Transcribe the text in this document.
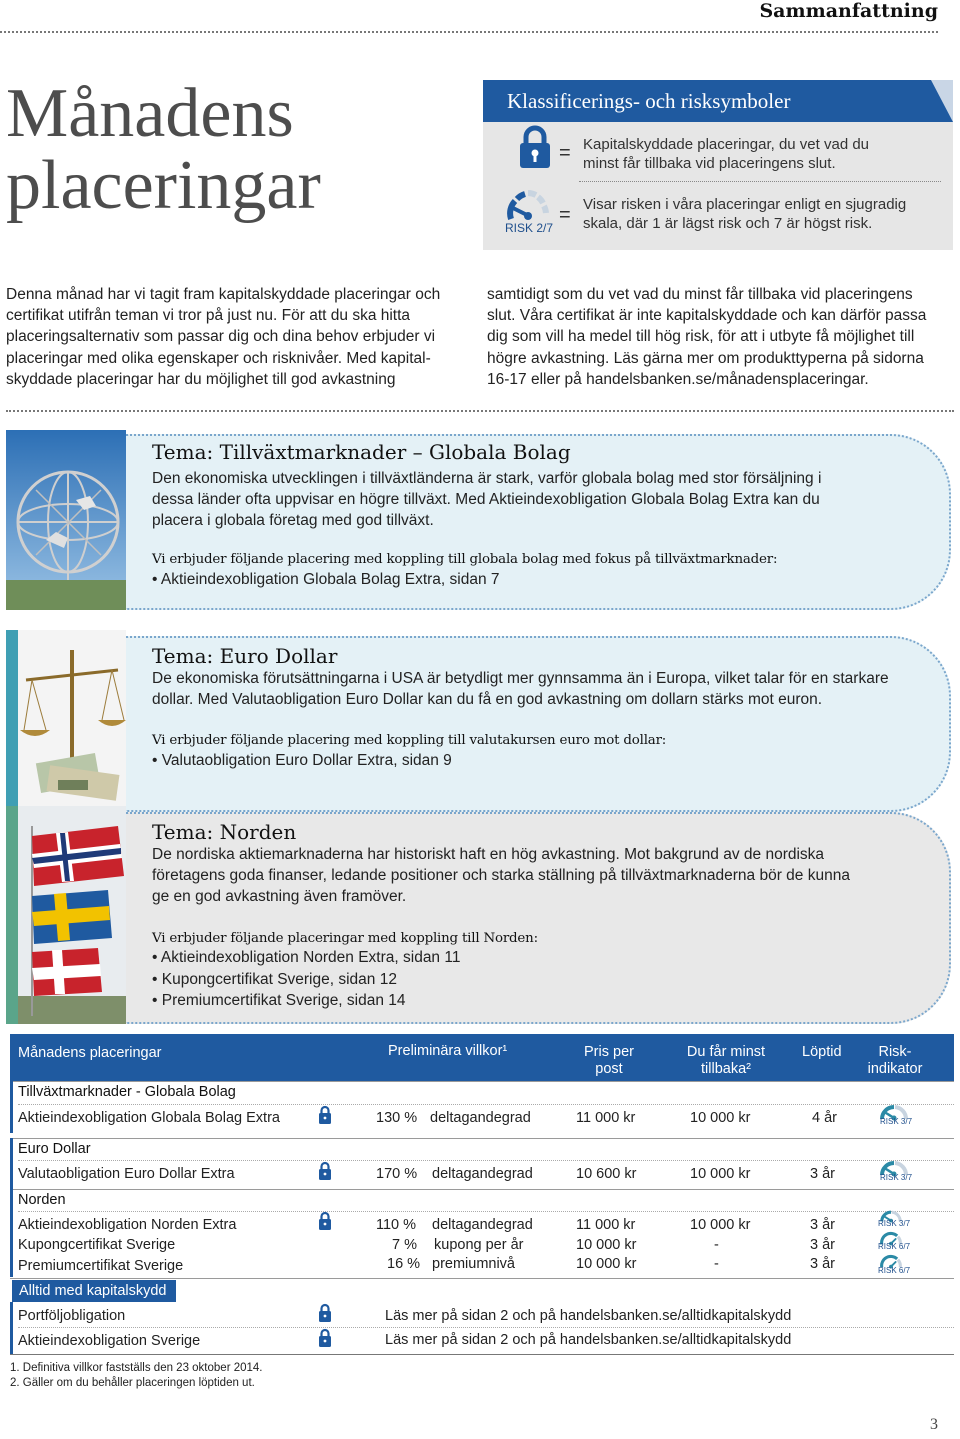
Sammanfattning
Månadens
placeringar
Klassificerings- och risksymboler
= Kapitalskyddade placeringar, du vet vad du
minst får tillbaka vid placeringens slut.
RISK 2/7
= Visar risken i våra placeringar enligt en sjugradig
skala, där 1 är lägst risk och 7 är högst risk.
Denna månad har vi tagit fram kapitalskyddade placeringar och
certifikat utifrån teman vi tror på just nu. För att du ska hitta
placeringsalternativ som passar dig och dina behov erbjuder vi
placeringar med olika egenskaper och risknivåer. Med kapital-
skyddade placeringar har du möjlighet till god avkastning
samtidigt som du vet vad du minst får tillbaka vid placeringens
slut. Våra certifikat är inte kapitalskyddade och kan därför passa
dig som vill ha medel till hög risk, för att i utbyte få möjlighet till
högre avkastning. Läs gärna mer om produkttyperna på sidorna
16-17 eller på handelsbanken.se/månadensplaceringar.
Tema: Tillväxtmarknader – Globala Bolag
Den ekonomiska utvecklingen i tillväxtländerna är stark, varför globala bolag med stor försäljning i
dessa länder ofta uppvisar en högre tillväxt. Med Aktieindexobligation Globala Bolag Extra kan du
placera i globala företag med god tillväxt.
Vi erbjuder följande placering med koppling till globala bolag med fokus på tillväxtmarknader:
• Aktieindexobligation Globala Bolag Extra, sidan 7
Tema: Euro Dollar
De ekonomiska förutsättningarna i USA är betydligt mer gynnsamma än i Europa, vilket talar för en starkare
dollar. Med Valutaobligation Euro Dollar kan du få en god avkastning om dollarn stärks mot euron.
Vi erbjuder följande placering med koppling till valutakursen euro mot dollar:
• Valutaobligation Euro Dollar Extra, sidan 9
Tema: Norden
De nordiska aktiemarknaderna har historiskt haft en hög avkastning. Mot bakgrund av de nordiska
företagens goda finanser, ledande positioner och starka ställning på tillväxtmarknaderna bör de kunna
ge en god avkastning även framöver.
Vi erbjuder följande placeringar med koppling till Norden:
• Aktieindexobligation Norden Extra, sidan 11
• Kupongcertifikat Sverige, sidan 12
• Premiumcertifikat Sverige, sidan 14
Månadens placeringar	Preliminära villkor¹	Pris per
post
Du får minst
tillbaka²
Löptid	Risk-
indikator
Tillväxtmarknader - Globala Bolag
Aktieindexobligation Globala Bolag Extra	130 % deltagandegrad	11 000 kr	10 000 kr	4 år	RISK 3/7
Euro Dollar
Valutaobligation Euro Dollar Extra	170 % deltagandegrad	10 600 kr	10 000 kr	3 år	RISK 3/7
Norden
Aktieindexobligation Norden Extra	110 % deltagandegrad	11 000 kr	10 000 kr	3 år	RISK 3/7
Kupongcertifikat Sverige	7 % kupong per år	10 000 kr	-	3 år	RISK 6/7
Premiumcertifikat Sverige	16 % premiumnivå	10 000 kr	-	3 år	RISK 6/7
Alltid med kapitalskydd
Portföljobligation	Läs mer på sidan 2 och på handelsbanken.se/alltidkapitalskydd
Aktieindexobligation Sverige	Läs mer på sidan 2 och på handelsbanken.se/alltidkapitalskydd
1. Definitiva villkor fastställs den 23 oktober 2014.
2. Gäller om du behåller placeringen löptiden ut.
3
